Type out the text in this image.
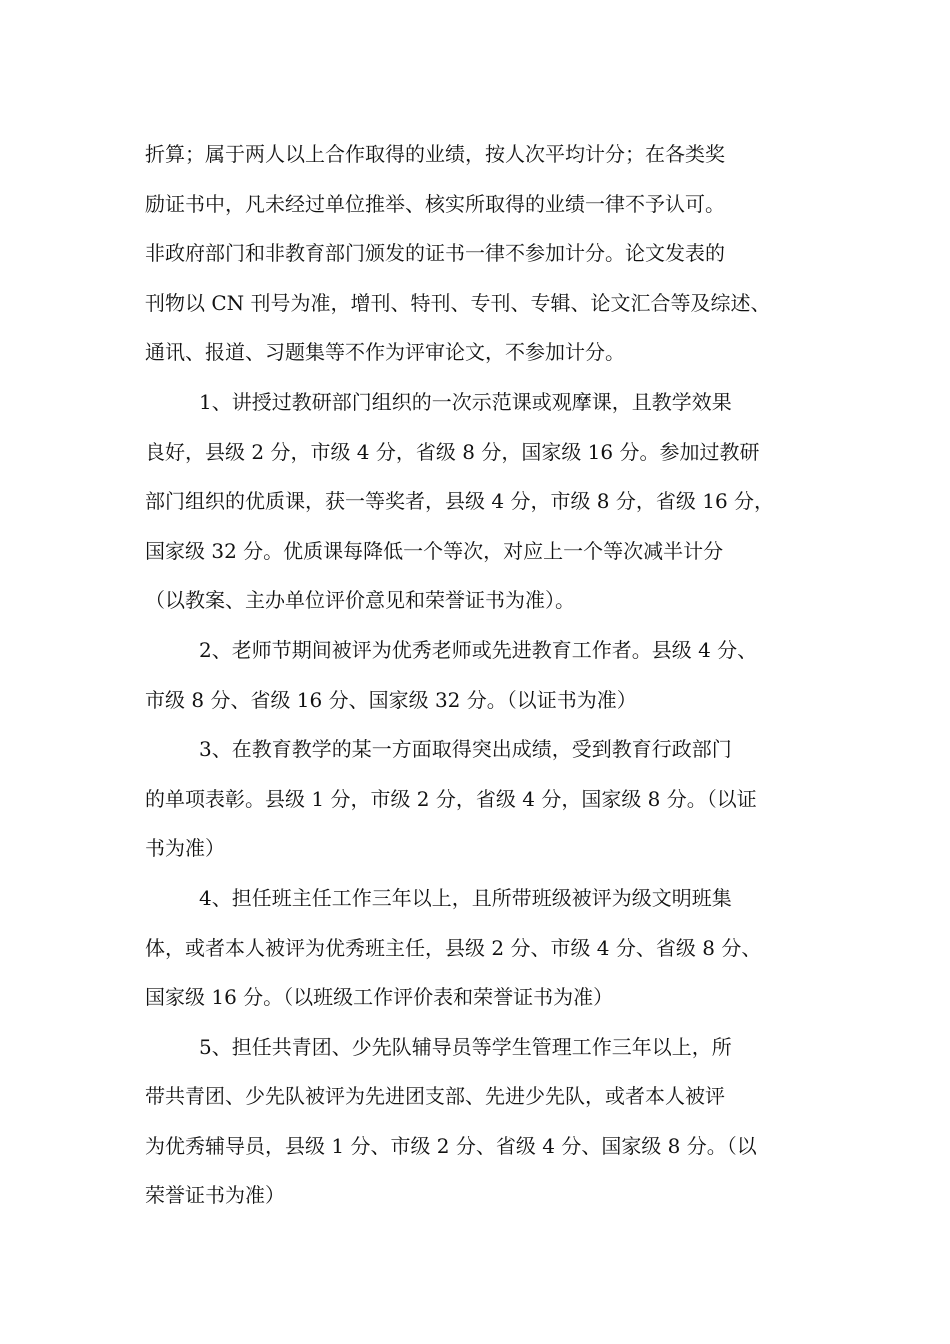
折算；属于两人以上合作取得的业绩，按人次平均计分；在各类奖
励证书中，凡未经过单位推举、核实所取得的业绩一律不予认可。
非政府部门和非教育部门颁发的证书一律不参加计分。论文发表的
刊物以 CN 刊号为准，增刊、特刊、专刊、专辑、论文汇合等及综述、
通讯、报道、习题集等不作为评审论文，不参加计分。
1、讲授过教研部门组织的一次示范课或观摩课，且教学效果
良好，县级 2 分，市级 4 分，省级 8 分，国家级 16 分。参加过教研
部门组织的优质课，获一等奖者，县级 4 分，市级 8 分，省级 16 分，
国家级 32 分。优质课每降低一个等次，对应上一个等次减半计分
（以教案、主办单位评价意见和荣誉证书为准）。
2、老师节期间被评为优秀老师或先进教育工作者。县级 4 分、
市级 8 分、省级 16 分、国家级 32 分。（以证书为准）
3、在教育教学的某一方面取得突出成绩，受到教育行政部门
的单项表彰。县级 1 分，市级 2 分，省级 4 分，国家级 8 分。（以证
书为准）
4、担任班主任工作三年以上，且所带班级被评为级文明班集
体，或者本人被评为优秀班主任，县级 2 分、市级 4 分、省级 8 分、
国家级 16 分。（以班级工作评价表和荣誉证书为准）
5、担任共青团、少先队辅导员等学生管理工作三年以上，所
带共青团、少先队被评为先进团支部、先进少先队，或者本人被评
为优秀辅导员，县级 1 分、市级 2 分、省级 4 分、国家级 8 分。（以
荣誉证书为准）
